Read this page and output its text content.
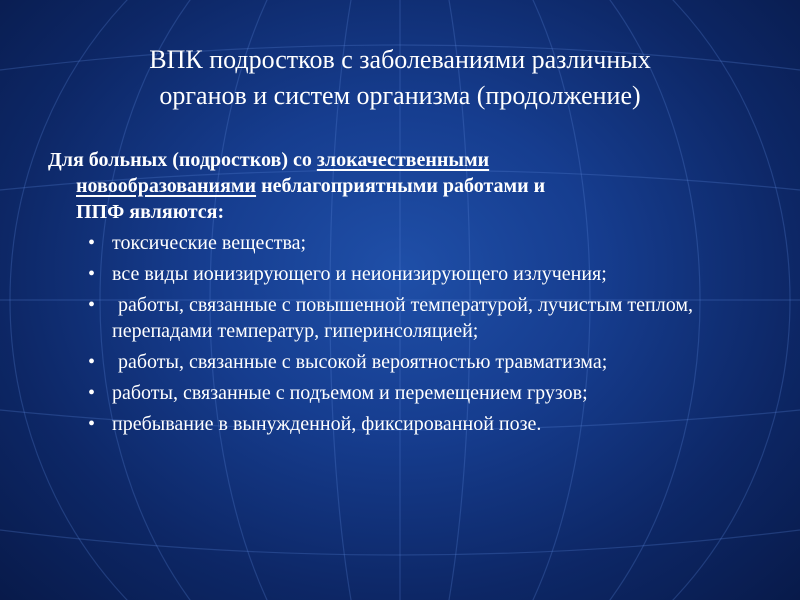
ВПК подростков с заболеваниями различных
органов и систем организма (продолжение)
Для больных (подростков) со злокачественными
новообразованиями неблагоприятными работами и
ППФ являются:
• токсические вещества;
• все виды ионизирующего и неионизирующего излучения;
• работы, связанные с повышенной температурой, лучистым теплом, перепадами температур, гиперинсоляцией;
• работы, связанные с высокой вероятностью травматизма;
• работы, связанные с подъемом и перемещением грузов;
• пребывание в вынужденной, фиксированной позе.
